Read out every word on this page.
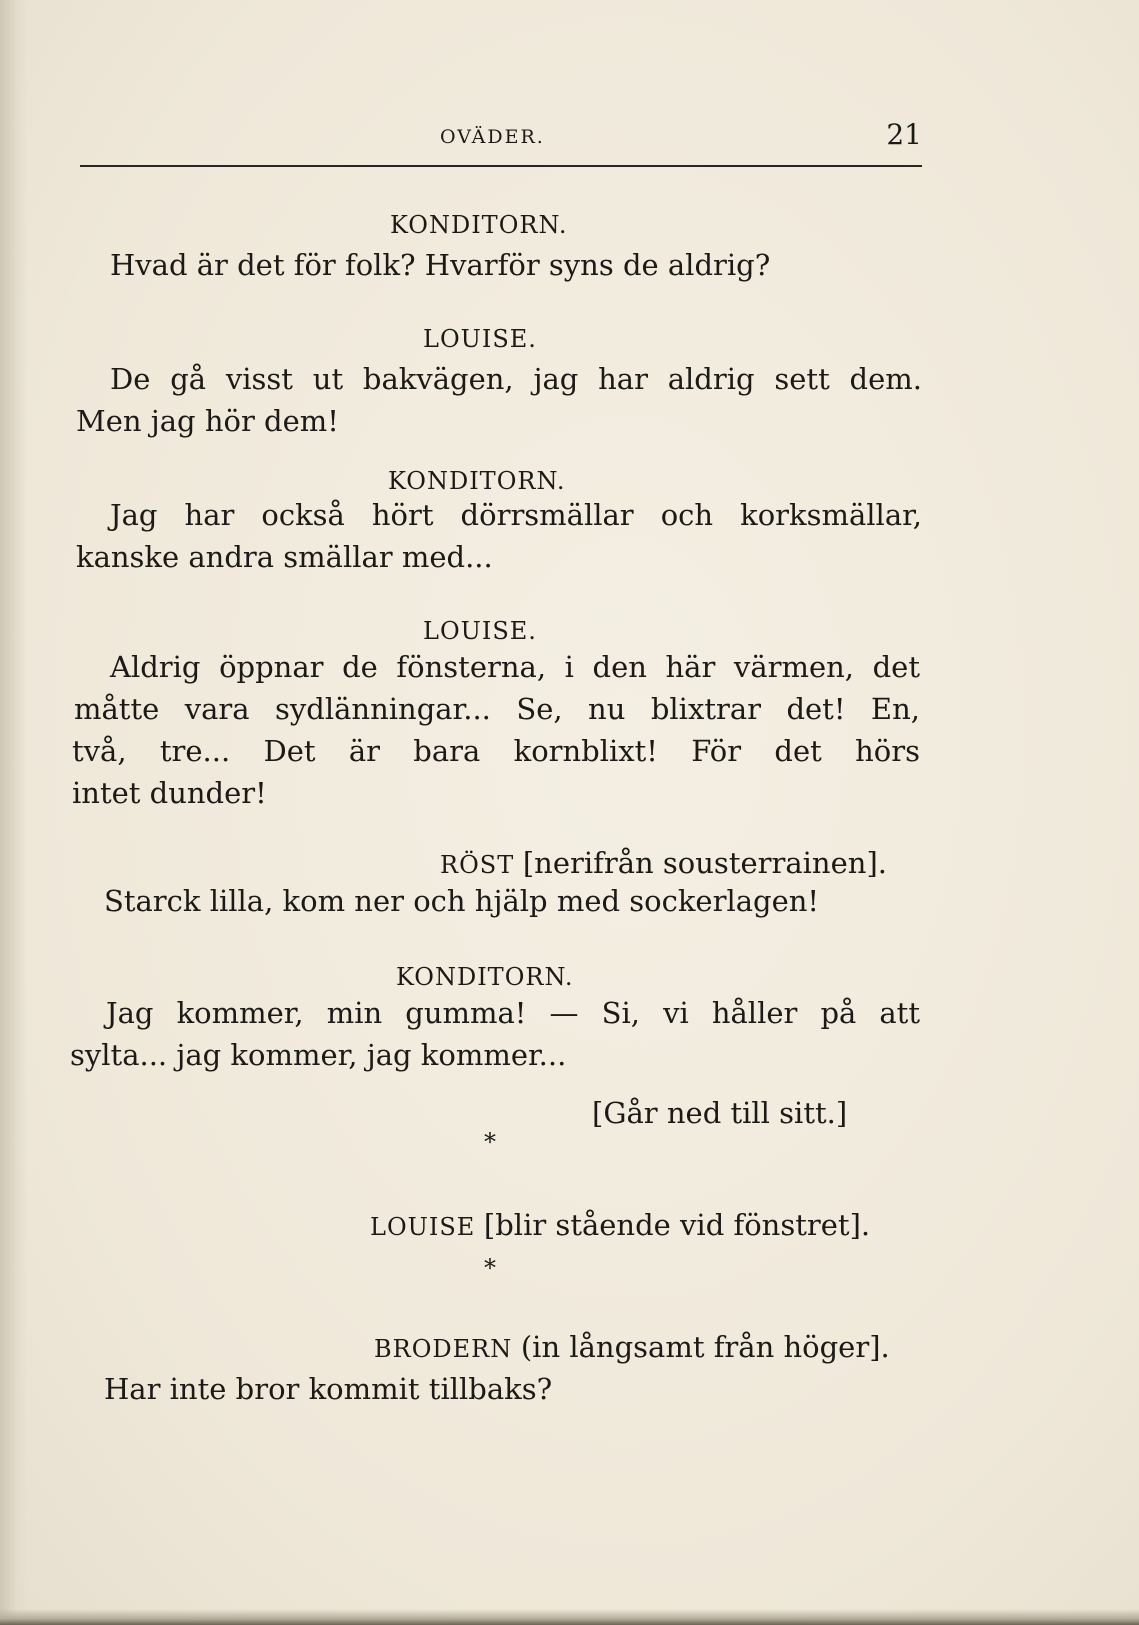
OVÄDER.	21
KONDITORN.
Hvad är det för folk? Hvarför syns de aldrig?
LOUISE.
De gå visst ut bakvägen, jag har aldrig sett dem.
Men jag hör dem!
KONDITORN.
Jag har också hört dörrsmällar och korksmällar,
kanske andra smällar med...
LOUISE.
Aldrig öppnar de fönsterna, i den här värmen, det
måtte vara sydlänningar... Se, nu blixtrar det! En,
två, tre... Det är bara kornblixt! För det hörs
intet dunder!
RÖST [nerifrån sousterrainen].
Starck lilla, kom ner och hjälp med sockerlagen!
KONDITORN.
Jag kommer, min gumma! — Si, vi håller på att
sylta... jag kommer, jag kommer...
[Går ned till sitt.]
*
LOUISE [blir stående vid fönstret].
*
BRODERN (in långsamt från höger].
Har inte bror kommit tillbaks?
